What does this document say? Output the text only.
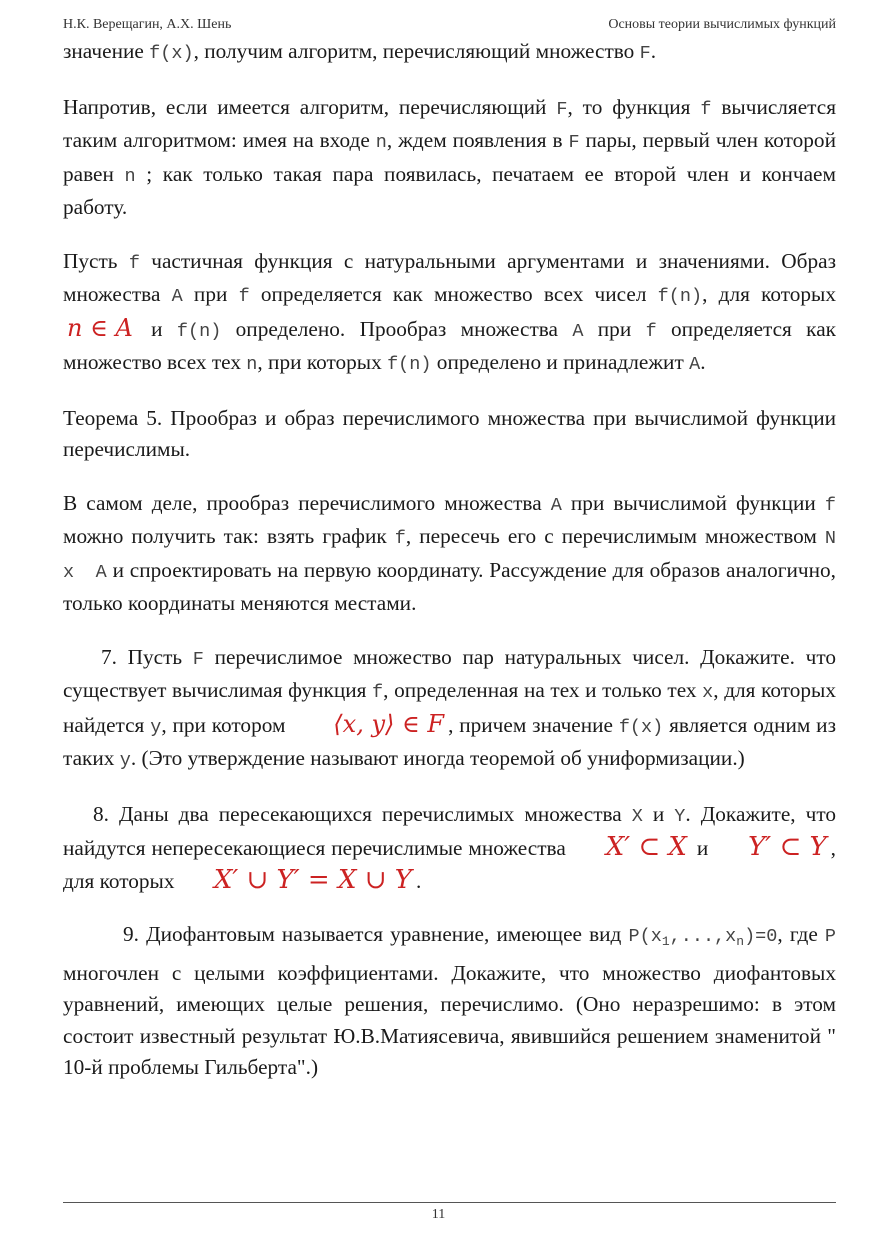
Н.К. Верещагин, А.Х. Шень	Основы теории вычислимых функций

значение f(x), получим алгоритм, перечисляющий множество F.

Напротив, если имеется алгоритм, перечисляющий F, то функция f вычисляется таким алгоритмом: имея на входе n, ждем появления в F пары, первый член которой равен n ; как только такая пара появилась, печатаем ее второй член и кончаем работу.

Пусть f частичная функция с натуральными аргументами и значениями. Образ множества A при f определяется как множество всех чисел f(n), для которых n ∈ A и f(n) определено. Прообраз множества A при f определяется как множество всех тех n, при которых f(n) определено и принадлежит A.

Теорема 5. Прообраз и образ перечислимого множества при вычислимой функции перечислимы.

В самом деле, прообраз перечислимого множества A при вычислимой функции f можно получить так: взять график f, пересечь его с перечислимым множеством N x A и спроектировать на первую координату. Рассуждение для образов аналогично, только координаты меняются местами.

7. Пусть F перечислимое множество пар натуральных чисел. Докажите. что существует вычислимая функция f, определенная на тех и только тех x, для которых найдется y, при котором ⟨x, y⟩ ∈ F , причем значение f(x) является одним из таких y. (Это утверждение называют иногда теоремой об униформизации.)

8. Даны два пересекающихся перечислимых множества X и Y. Докажите, что найдутся непересекающиеся перечислимые множества X′ ⊂ X и Y′ ⊂ Y , для которых X′ ∪ Y′ = X ∪ Y .

9. Диофантовым называется уравнение, имеющее вид $P(x_1,...,x_n)=0$, где P многочлен с целыми коэффициентами. Докажите, что множество диофантовых уравнений, имеющих целые решения, перечислимо. (Оно неразрешимо: в этом состоит известный результат Ю.В.Матиясевича, явившийся решением знаменитой " 10-й проблемы Гильберта".)

11
